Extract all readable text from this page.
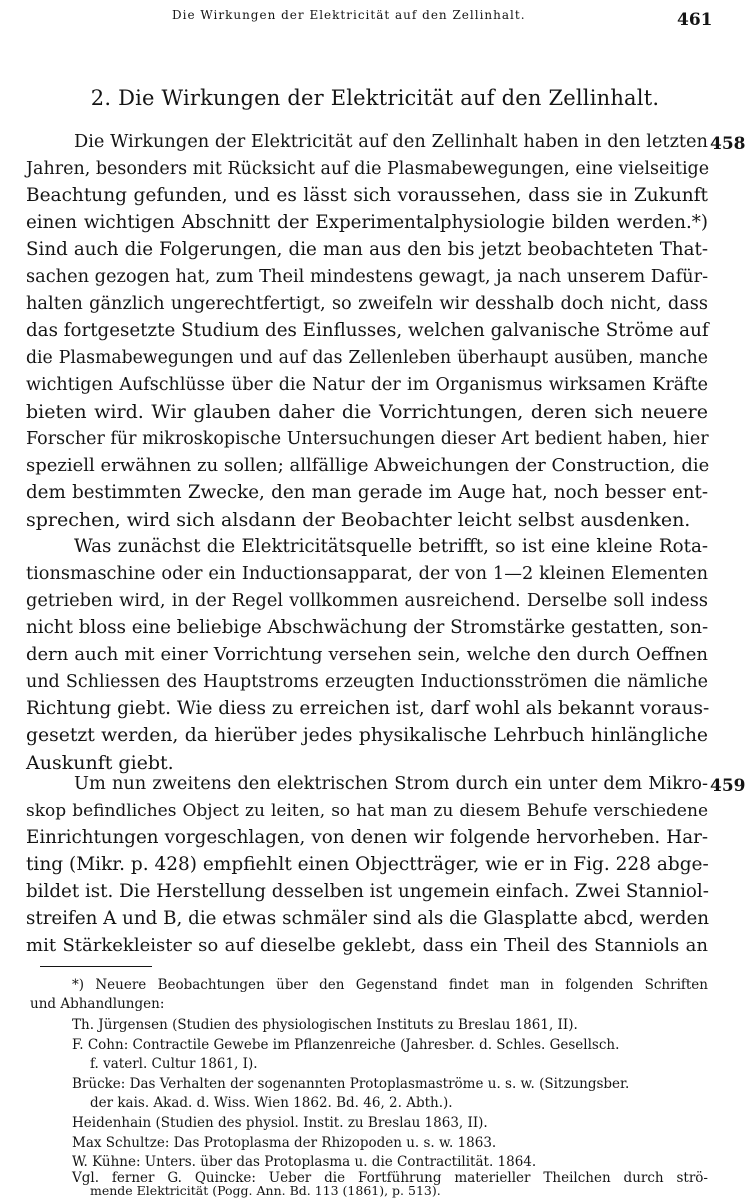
Die Wirkungen der Elektricität auf den Zellinhalt.	461
2. Die Wirkungen der Elektricität auf den Zellinhalt.
458
Die Wirkungen der Elektricität auf den Zellinhalt haben in den letzten
Jahren, besonders mit Rücksicht auf die Plasmabewegungen, eine vielseitige
Beachtung gefunden, und es lässt sich voraussehen, dass sie in Zukunft
einen wichtigen Abschnitt der Experimentalphysiologie bilden werden.*)
Sind auch die Folgerungen, die man aus den bis jetzt beobachteten That-
sachen gezogen hat, zum Theil mindestens gewagt, ja nach unserem Dafür-
halten gänzlich ungerechtfertigt, so zweifeln wir desshalb doch nicht, dass
das fortgesetzte Studium des Einflusses, welchen galvanische Ströme auf
die Plasmabewegungen und auf das Zellenleben überhaupt ausüben, manche
wichtigen Aufschlüsse über die Natur der im Organismus wirksamen Kräfte
bieten wird. Wir glauben daher die Vorrichtungen, deren sich neuere
Forscher für mikroskopische Untersuchungen dieser Art bedient haben, hier
speziell erwähnen zu sollen; allfällige Abweichungen der Construction, die
dem bestimmten Zwecke, den man gerade im Auge hat, noch besser ent-
sprechen, wird sich alsdann der Beobachter leicht selbst ausdenken.
Was zunächst die Elektricitätsquelle betrifft, so ist eine kleine Rota-
tionsmaschine oder ein Inductionsapparat, der von 1—2 kleinen Elementen
getrieben wird, in der Regel vollkommen ausreichend. Derselbe soll indess
nicht bloss eine beliebige Abschwächung der Stromstärke gestatten, son-
dern auch mit einer Vorrichtung versehen sein, welche den durch Oeffnen
und Schliessen des Hauptstroms erzeugten Inductionsströmen die nämliche
Richtung giebt. Wie diess zu erreichen ist, darf wohl als bekannt voraus-
gesetzt werden, da hierüber jedes physikalische Lehrbuch hinlängliche
Auskunft giebt.
459
Um nun zweitens den elektrischen Strom durch ein unter dem Mikro-
skop befindliches Object zu leiten, so hat man zu diesem Behufe verschiedene
Einrichtungen vorgeschlagen, von denen wir folgende hervorheben. Har-
ting (Mikr. p. 428) empfiehlt einen Objectträger, wie er in Fig. 228 abge-
bildet ist. Die Herstellung desselben ist ungemein einfach. Zwei Stanniol-
streifen A und B, die etwas schmäler sind als die Glasplatte abcd, werden
mit Stärkekleister so auf dieselbe geklebt, dass ein Theil des Stanniols an
*) Neuere Beobachtungen über den Gegenstand findet man in folgenden Schriften
und Abhandlungen:
Th. Jürgensen (Studien des physiologischen Instituts zu Breslau 1861, II).
F. Cohn: Contractile Gewebe im Pflanzenreiche (Jahresber. d. Schles. Gesellsch.
f. vaterl. Cultur 1861, I).
Brücke: Das Verhalten der sogenannten Protoplasmaströme u. s. w. (Sitzungsber.
der kais. Akad. d. Wiss. Wien 1862. Bd. 46, 2. Abth.).
Heidenhain (Studien des physiol. Instit. zu Breslau 1863, II).
Max Schultze: Das Protoplasma der Rhizopoden u. s. w. 1863.
W. Kühne: Unters. über das Protoplasma u. die Contractilität. 1864.
Vgl. ferner G. Quincke: Ueber die Fortführung materieller Theilchen durch strö-
mende Elektricität (Pogg. Ann. Bd. 113 (1861), p. 513).
